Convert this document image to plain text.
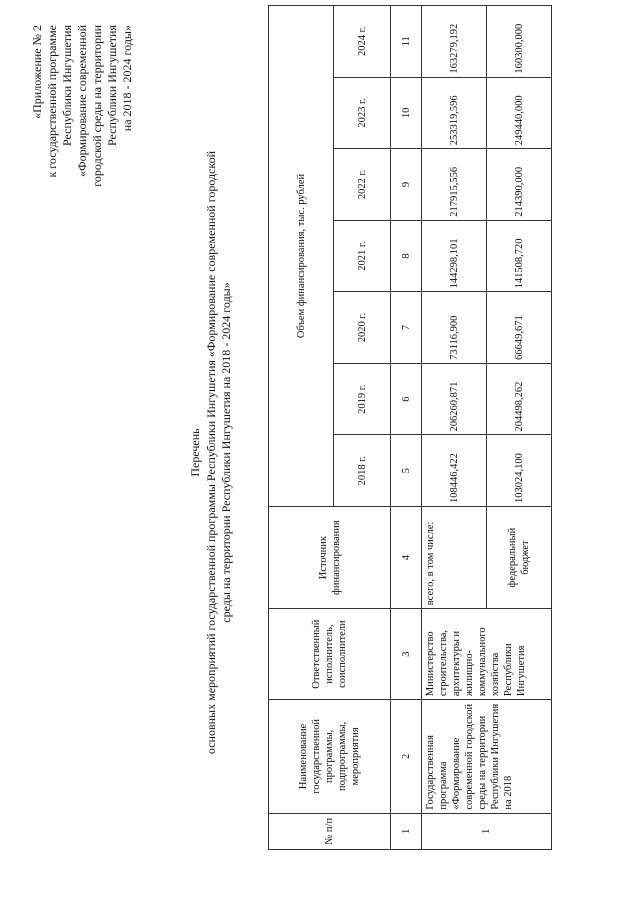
«Приложение № 2 к государственной программе Республики Ингушетия «Формирование современной городской среды на территории Республики Ингушетия на 2018 - 2024 годы»
Перечень основных мероприятий государственной программы Республики Ингушетия «Формирование современной городской среды на территории Республики Ингушетия на 2018 - 2024 годы»
№ п/п	Наименование государственной программы, подпрограммы, мероприятия	Ответственный исполнитель, соисполнители	Источник финансирования	Объем финансирования, тыс. рублей						
				2018 г.	2019 г.	2020 г.	2021 г.	2022 г.	2023 г.	2024 г.
1	2	3	4	5	6	7	8	9	10	11
1	Государственная программа «Формирование современной городской среды на территории Республики Ингушетия на 2018	Министерство строительства, архитектуры и жилищно-коммунального хозяйства Республики Ингушетия	всего, в том числе:	108446,422	206260,871	73116,900	144298,101	217915,556	253319,596	163279,192
			федеральный бюджет	103024,100	204498,262	66649,671	141508,720	214390,000	249440,000	160300,000
